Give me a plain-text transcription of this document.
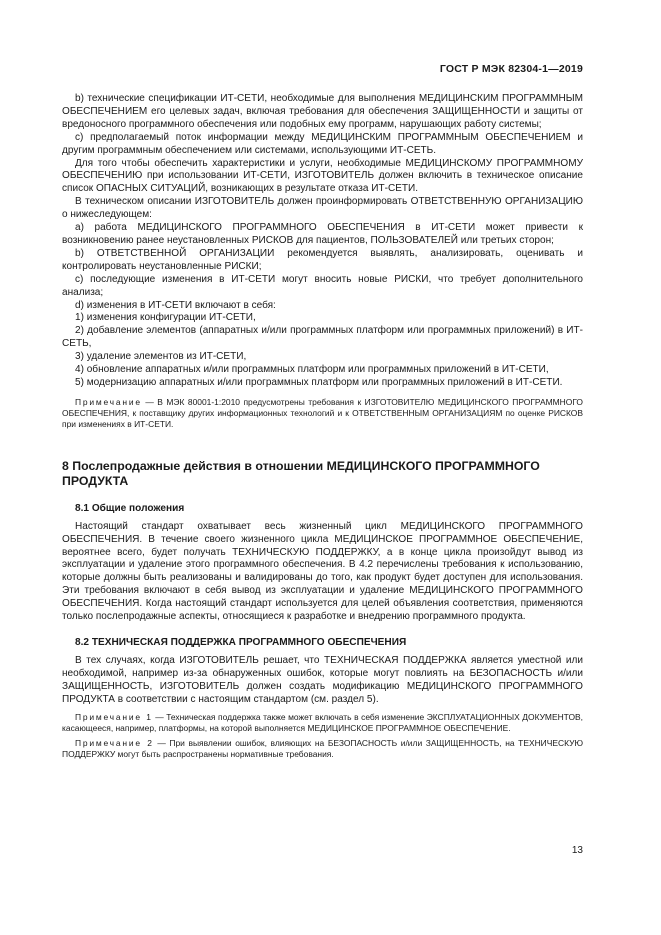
ГОСТ Р МЭК 82304-1—2019

b) технические спецификации ИТ-СЕТИ, необходимые для выполнения МЕДИЦИНСКИМ ПРОГРАММНЫМ ОБЕСПЕЧЕНИЕМ его целевых задач, включая требования для обеспечения ЗАЩИЩЕННОСТИ и защиты от вредоносного программного обеспечения или подобных ему программ, нарушающих работу системы;

c) предполагаемый поток информации между МЕДИЦИНСКИМ ПРОГРАММНЫМ ОБЕСПЕЧЕНИЕМ и другим программным обеспечением или системами, использующими ИТ-СЕТЬ.

Для того чтобы обеспечить характеристики и услуги, необходимые МЕДИЦИНСКОМУ ПРОГРАММНОМУ ОБЕСПЕЧЕНИЮ при использовании ИТ-СЕТИ, ИЗГОТОВИТЕЛЬ должен включить в техническое описание список ОПАСНЫХ СИТУАЦИЙ, возникающих в результате отказа ИТ-СЕТИ.

В техническом описании ИЗГОТОВИТЕЛЬ должен проинформировать ОТВЕТСТВЕННУЮ ОРГАНИЗАЦИЮ о нижеследующем:

a) работа МЕДИЦИНСКОГО ПРОГРАММНОГО ОБЕСПЕЧЕНИЯ в ИТ-СЕТИ может привести к возникновению ранее неустановленных РИСКОВ для пациентов, ПОЛЬЗОВАТЕЛЕЙ или третьих сторон;

b) ОТВЕТСТВЕННОЙ ОРГАНИЗАЦИИ рекомендуется выявлять, анализировать, оценивать и контролировать неустановленные РИСКИ;

c) последующие изменения в ИТ-СЕТИ могут вносить новые РИСКИ, что требует дополнительного анализа;

d) изменения в ИТ-СЕТИ включают в себя:

1) изменения конфигурации ИТ-СЕТИ,

2) добавление элементов (аппаратных и/или программных платформ или программных приложений) в ИТ-СЕТЬ,

3) удаление элементов из ИТ-СЕТИ,

4) обновление аппаратных и/или программных платформ или программных приложений в ИТ-СЕТИ,

5) модернизацию аппаратных и/или программных платформ или программных приложений в ИТ-СЕТИ.

Примечание — В МЭК 80001-1:2010 предусмотрены требования к ИЗГОТОВИТЕЛЮ МЕДИЦИНСКОГО ПРОГРАММНОГО ОБЕСПЕЧЕНИЯ, к поставщику других информационных технологий и к ОТВЕТСТВЕННЫМ ОРГАНИЗАЦИЯМ по оценке РИСКОВ при изменениях в ИТ-СЕТИ.

8 Послепродажные действия в отношении МЕДИЦИНСКОГО ПРОГРАММНОГО ПРОДУКТА
8.1 Общие положения

Настоящий стандарт охватывает весь жизненный цикл МЕДИЦИНСКОГО ПРОГРАММНОГО ОБЕСПЕЧЕНИЯ. В течение своего жизненного цикла МЕДИЦИНСКОЕ ПРОГРАММНОЕ ОБЕСПЕЧЕНИЕ, вероятнее всего, будет получать ТЕХНИЧЕСКУЮ ПОДДЕРЖКУ, а в конце цикла произойдут вывод из эксплуатации и удаление этого программного обеспечения. В 4.2 перечислены требования к использованию, которые должны быть реализованы и валидированы до того, как продукт будет доступен для использования. Эти требования включают в себя вывод из эксплуатации и удаление МЕДИЦИНСКОГО ПРОГРАММНОГО ОБЕСПЕЧЕНИЯ. Когда настоящий стандарт используется для целей объявления соответствия, применяются только послепродажные аспекты, относящиеся к разработке и внедрению программного продукта.

8.2 ТЕХНИЧЕСКАЯ ПОДДЕРЖКА ПРОГРАММНОГО ОБЕСПЕЧЕНИЯ

В тех случаях, когда ИЗГОТОВИТЕЛЬ решает, что ТЕХНИЧЕСКАЯ ПОДДЕРЖКА является уместной или необходимой, например из-за обнаруженных ошибок, которые могут повлиять на БЕЗОПАСНОСТЬ и/или ЗАЩИЩЕННОСТЬ, ИЗГОТОВИТЕЛЬ должен создать модификацию МЕДИЦИНСКОГО ПРОГРАММНОГО ПРОДУКТА в соответствии с настоящим стандартом (см. раздел 5).

Примечание 1 — Техническая поддержка также может включать в себя изменение ЭКСПЛУАТАЦИОННЫХ ДОКУМЕНТОВ, касающееся, например, платформы, на которой выполняется МЕДИЦИНСКОЕ ПРОГРАММНОЕ ОБЕСПЕЧЕНИЕ.

Примечание 2 — При выявлении ошибок, влияющих на БЕЗОПАСНОСТЬ и/или ЗАЩИЩЕННОСТЬ, на ТЕХНИЧЕСКУЮ ПОДДЕРЖКУ могут быть распространены нормативные требования.

13
